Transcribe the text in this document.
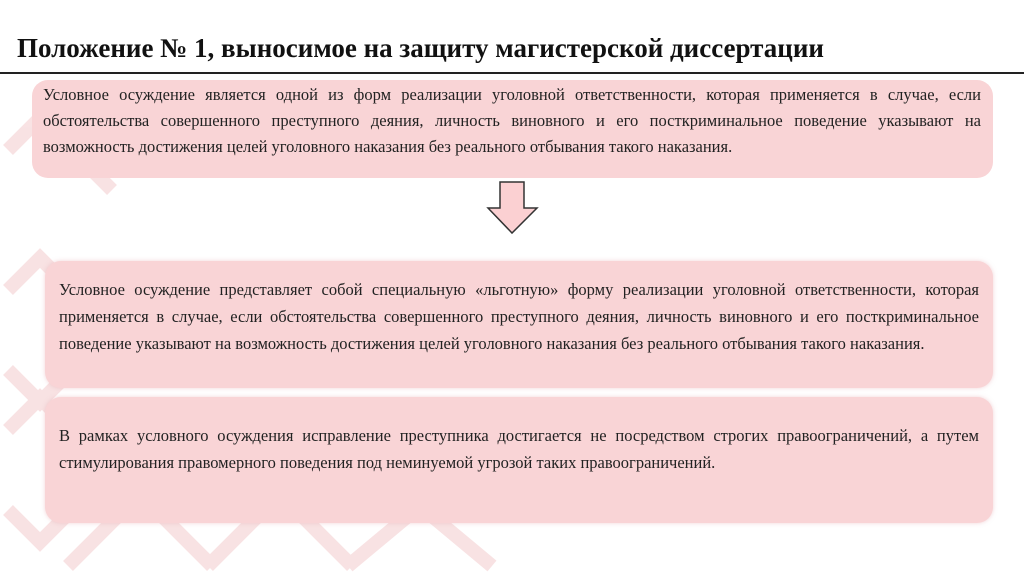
Положение № 1, выносимое на защиту магистерской диссертации
Условное осуждение является одной из форм реализации уголовной ответственности, которая применяется в случае, если обстоятельства совершенного преступного деяния, личность виновного и его посткриминальное поведение указывают на возможность достижения целей уголовного наказания без реального отбывания такого наказания.
Условное осуждение представляет собой специальную «льготную» форму реализации уголовной ответственности, которая применяется в случае, если обстоятельства совершенного преступного деяния, личность виновного и его посткриминальное поведение указывают на возможность достижения целей уголовного наказания без реального отбывания такого наказания.
В рамках условного осуждения исправление преступника достигается не посредством строгих правоограничений, а путем стимулирования правомерного поведения под неминуемой угрозой таких правоограничений.
